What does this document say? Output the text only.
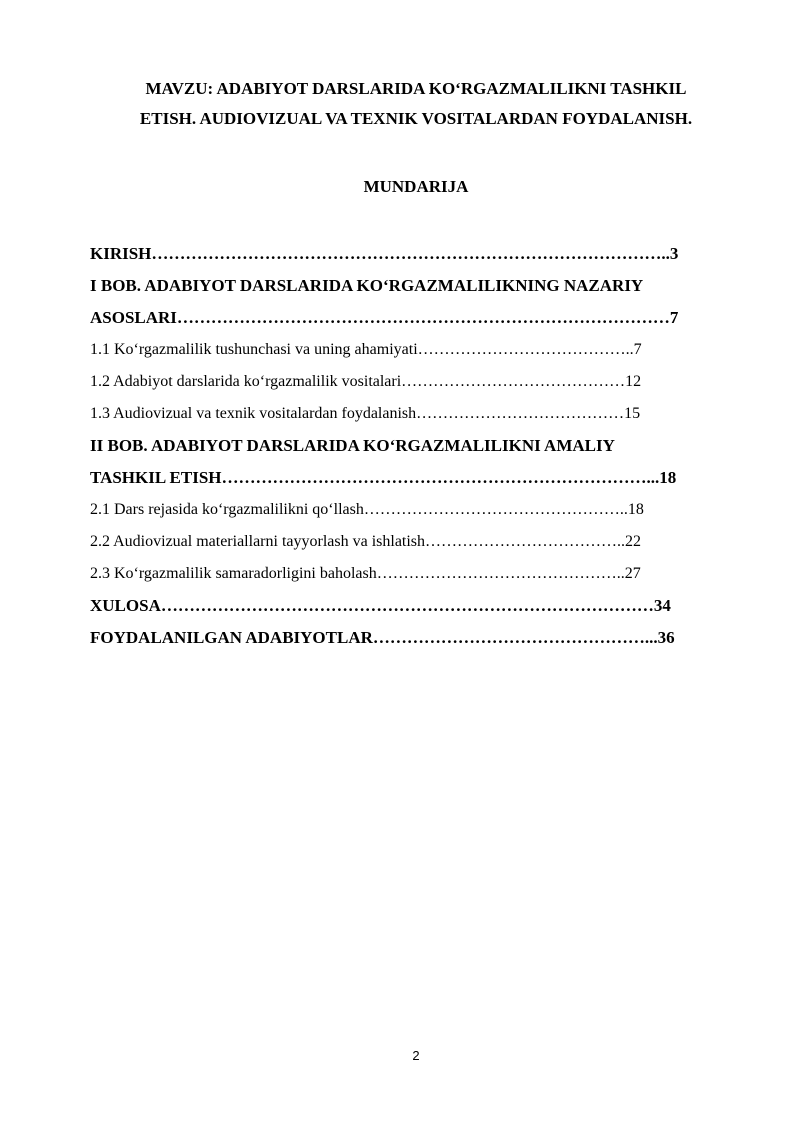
MAVZU: ADABIYOT DARSLARIDA KO‘RGAZMALILIKNI TASHKIL
ETISH. AUDIOVIZUAL VA TEXNIK VOSITALARDAN FOYDALANISH.
MUNDARIJA
KIRISH………………………………………………………………………………..3
I BOB. ADABIYOT DARSLARIDA KO‘RGAZMALILIKNING NAZARIY
ASOSLARI……………………………………………………………………………7
1.1 Ko‘rgazmalilik tushunchasi va uning ahamiyati…………………………………..7
1.2 Adabiyot darslarida ko‘rgazmalilik vositalari……………………………………12
1.3 Audiovizual va texnik vositalardan foydalanish…………………………………15
II BOB. ADABIYOT DARSLARIDA KO‘RGAZMALILIKNI AMALIY
TASHKIL ETISH…………………………………………………………………...18
2.1 Dars rejasida ko‘rgazmalilikni qo‘llash…………………………………………..18
2.2 Audiovizual materiallarni tayyorlash va ishlatish………………………………..22
2.3 Ko‘rgazmalilik samaradorligini baholash………………………………………..27
XULOSA……………………………………………………………………………34
FOYDALANILGAN ADABIYOTLAR…………………………………………...36
2
